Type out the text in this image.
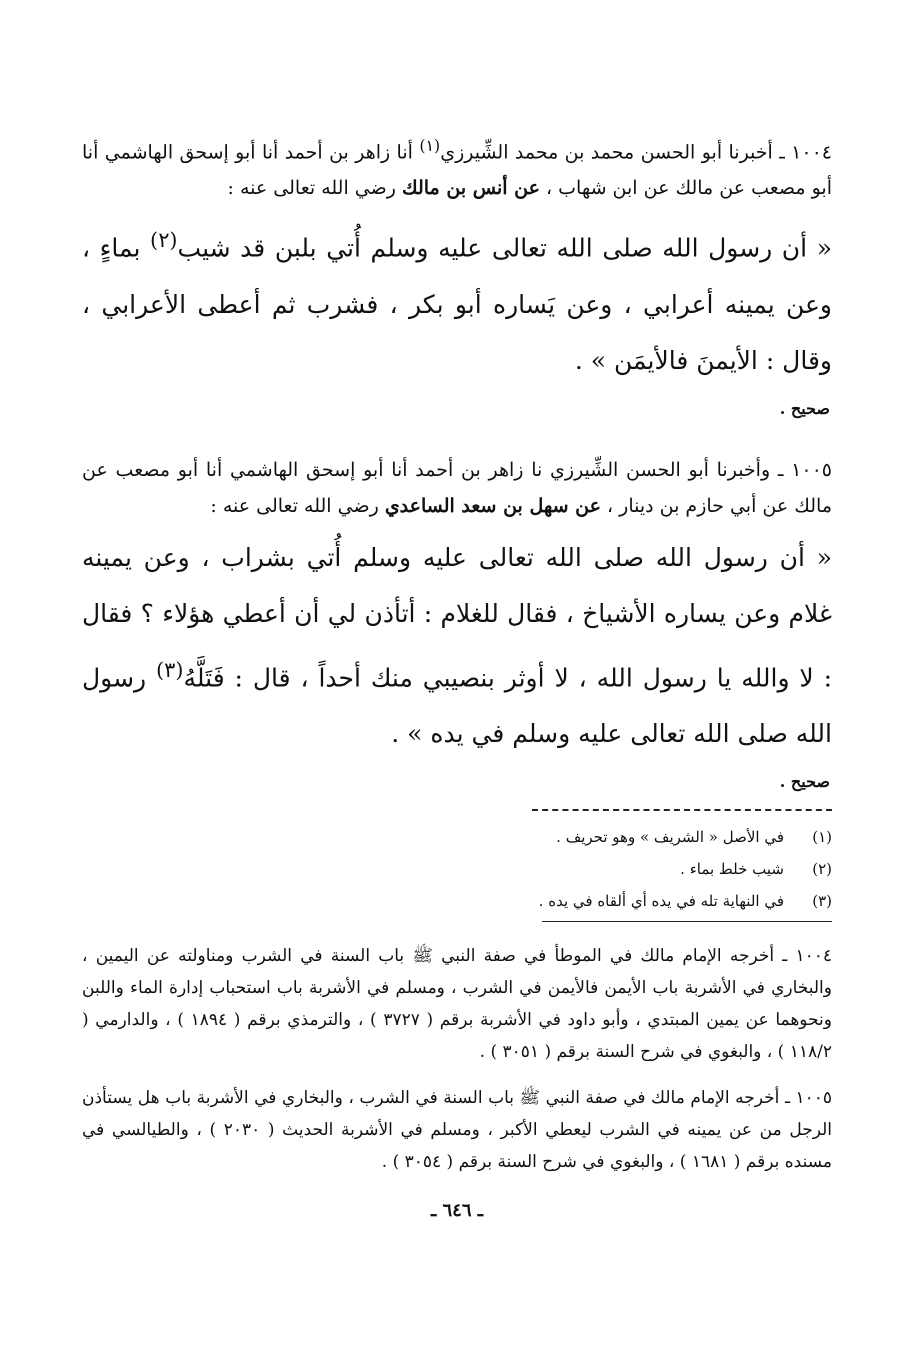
١٠٠٤ ـ أخبرنا أبو الحسن محمد بن محمد الشِّيرزي$^{(١)}$ أنا زاهر بن أحمد أنا أبو إسحق الهاشمي أنا أبو مصعب عن مالك عن ابن شهاب ، عن أنس بن مالك رضي الله تعالى عنه :

« أن رسول الله صلى الله تعالى عليه وسلم أُتي بلبن قد شيب$^{(٢)}$ بماءٍ ، وعن يمينه أعرابي ، وعن يَساره أبو بكر ، فشرب ثم أعطى الأعرابي ، وقال : الأيمنَ فالأيمَن » .

صحيح .

١٠٠٥ ـ وأخبرنا أبو الحسن الشِّيرزي نا زاهر بن أحمد أنا أبو إسحق الهاشمي أنا أبو مصعب عن مالك عن أبي حازم بن دينار ، عن سهل بن سعد الساعدي رضي الله تعالى عنه :

« أن رسول الله صلى الله تعالى عليه وسلم أُتي بشراب ، وعن يمينه غلام وعن يساره الأشياخ ، فقال للغلام : أتأذن لي أن أعطي هؤلاء ؟ فقال : لا والله يا رسول الله ، لا أوثر بنصيبي منك أحداً ، قال : فَتَلَّهُ$^{(٣)}$ رسول الله صلى الله تعالى عليه وسلم في يده » .

صحيح .

(١)
في الأصل « الشريف » وهو تحريف .
(٢)
شيب خلط بماء .
(٣)
في النهاية تله في يده أي ألقاه في يده .

١٠٠٤ ـ أخرجه الإمام مالك في الموطأ في صفة النبي ﷺ باب السنة في الشرب ومناولته عن اليمين ، والبخاري في الأشربة باب الأيمن فالأيمن في الشرب ، ومسلم في الأشربة باب استحباب إدارة الماء واللبن ونحوهما عن يمين المبتدي ، وأبو داود في الأشربة برقم ( ٣٧٢٧ ) ، والترمذي برقم ( ١٨٩٤ ) ، والدارمي ( ١١٨/٢ ) ، والبغوي في شرح السنة برقم ( ٣٠٥١ ) .

١٠٠٥ ـ أخرجه الإمام مالك في صفة النبي ﷺ باب السنة في الشرب ، والبخاري في الأشربة باب هل يستأذن الرجل من عن يمينه في الشرب ليعطي الأكبر ، ومسلم في الأشربة الحديث ( ٢٠٣٠ ) ، والطيالسي في مسنده برقم ( ١٦٨١ ) ، والبغوي في شرح السنة برقم ( ٣٠٥٤ ) .

ـ ٦٤٦ ـ
